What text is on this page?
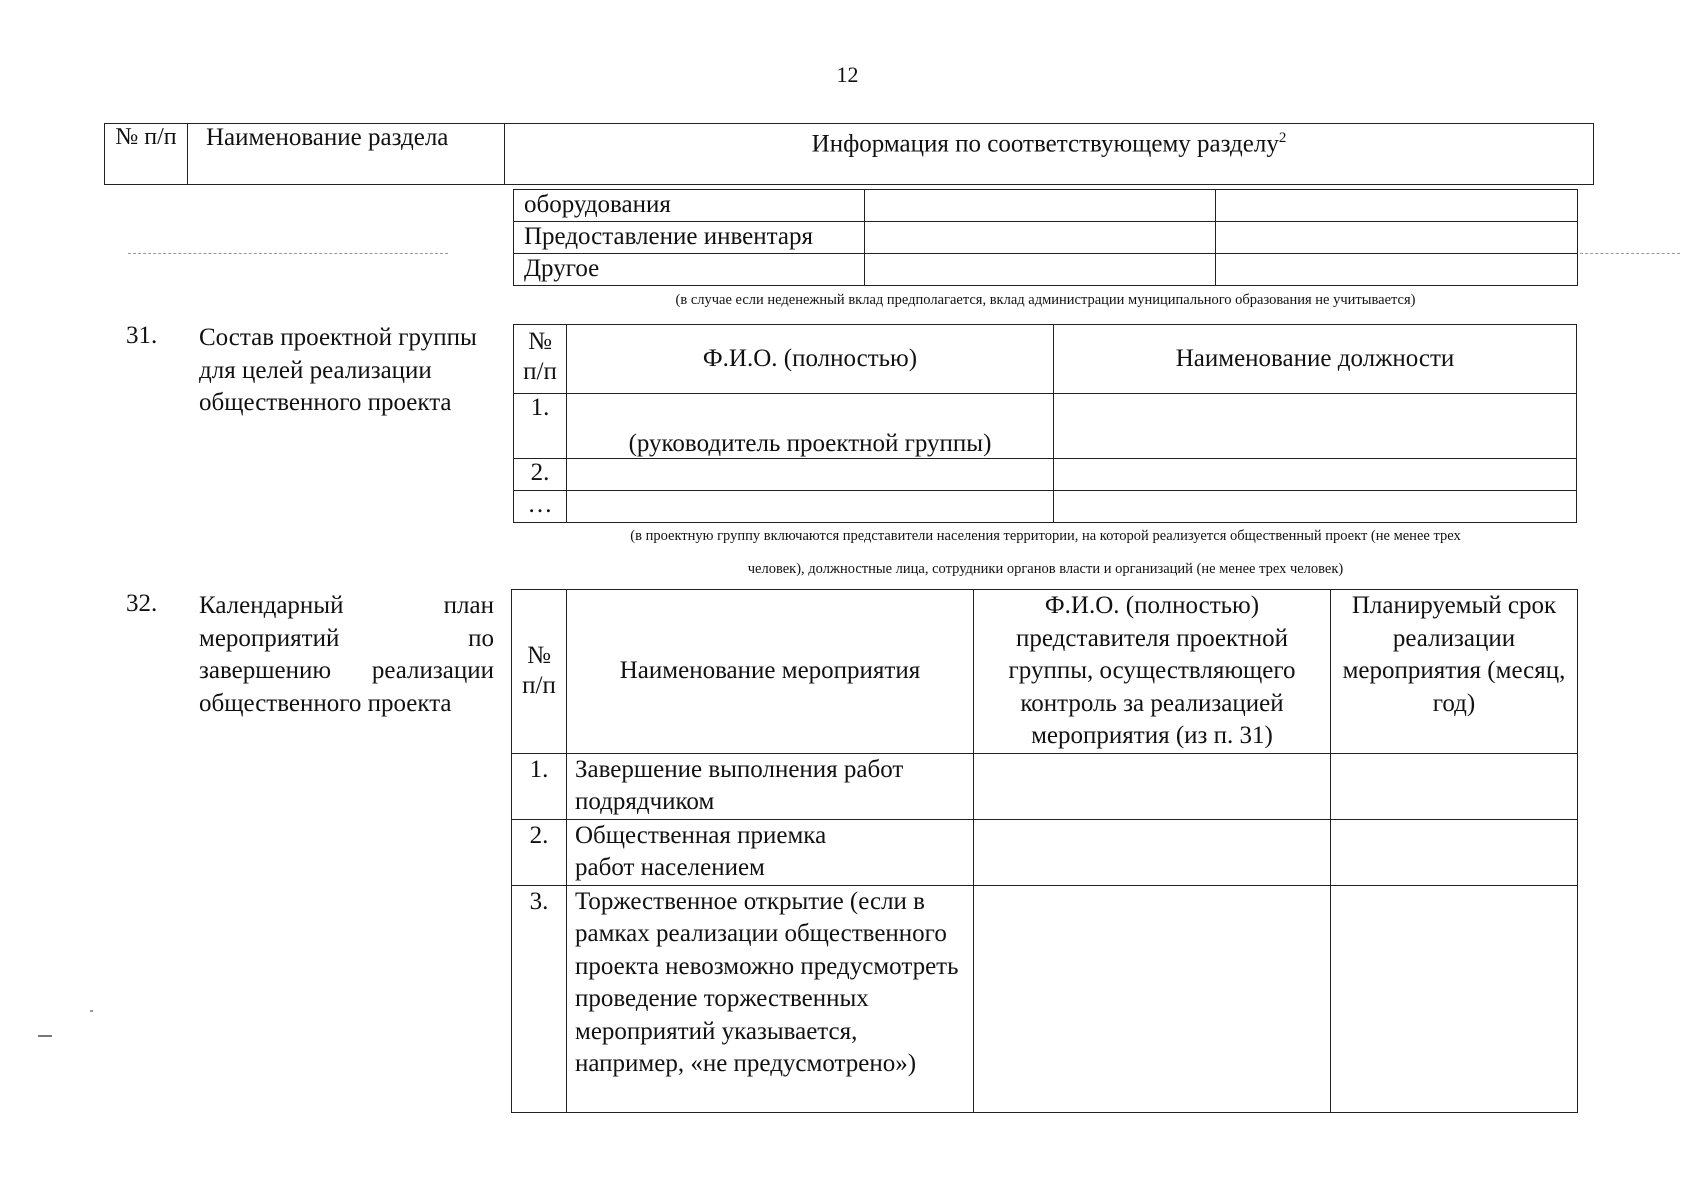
12
№ п/п	Наименование раздела	Информация по соответствующему разделу$^2$
оборудования		
Предоставление инвентаря		
Другое		
(в случае если неденежный вклад предполагается, вклад администрации муниципального образования не учитывается)
31. Состав проектной группы для целей реализации общественного проекта
№ п/п	Ф.И.О. (полностью)	Наименование должности
1.	(руководитель проектной группы)	
2.		
…		
(в проектную группу включаются представители населения территории, на которой реализуется общественный проект (не менее трех
человек), должностные лица, сотрудники органов власти и организаций (не менее трех человек)
32. Календарный план мероприятий по завершению реализации общественного проекта
№ п/п	Наименование мероприятия	Ф.И.О. (полностью) представителя проектной группы, осуществляющего контроль за реализацией мероприятия (из п. 31)	Планируемый срок реализации мероприятия (месяц, год)
1.	Завершение выполнения работ подрядчиком		
2.	Общественная приемка работ населением		
3.	Торжественное открытие (если в рамках реализации общественного проекта невозможно предусмотреть проведение торжественных мероприятий указывается, например, «не предусмотрено»)		
